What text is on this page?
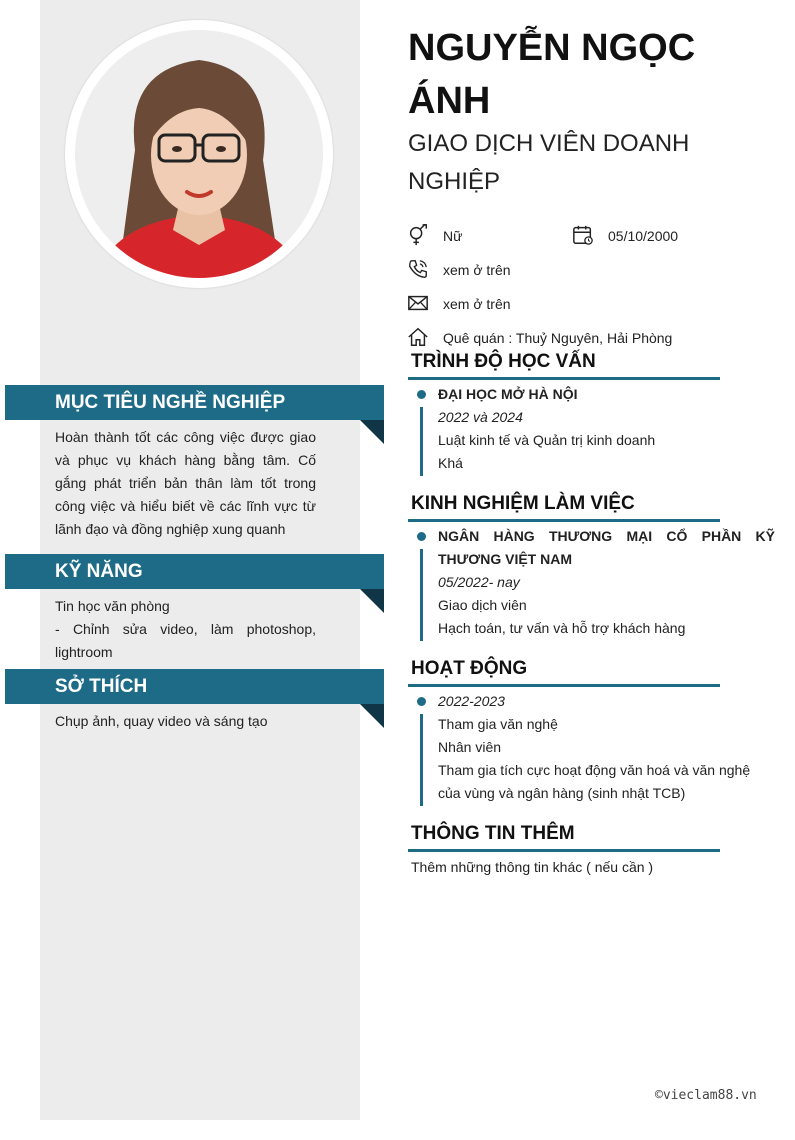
MỤC TIÊU NGHỀ NGHIỆP
Hoàn thành tốt các công việc được giao và phục vụ khách hàng bằng tâm. Cố gắng phát triển bản thân làm tốt trong công việc và hiểu biết về các lĩnh vực từ lãnh đạo và đồng nghiệp xung quanh
KỸ NĂNG
Tin học văn phòng
- Chỉnh sửa video, làm photoshop, lightroom
SỞ THÍCH
Chụp ảnh, quay video và sáng tạo
NGUYỄN NGỌC ÁNH
GIAO DỊCH VIÊN DOANH NGHIỆP
Nữ	05/10/2000
xem ở trên
xem ở trên
Quê quán : Thuỷ Nguyên, Hải Phòng
TRÌNH ĐỘ HỌC VẤN
ĐẠI HỌC MỞ HÀ NỘI
2022 và 2024
Luật kinh tế và Quản trị kinh doanh
Khá
KINH NGHIỆM LÀM VIỆC
NGÂN HÀNG THƯƠNG MẠI CỔ PHẦN KỸ THƯƠNG VIỆT NAM
05/2022- nay
Giao dịch viên
Hạch toán, tư vấn và hỗ trợ khách hàng
HOẠT ĐỘNG
2022-2023
Tham gia văn nghệ
Nhân viên
Tham gia tích cực hoạt động văn hoá và văn nghệ của vùng và ngân hàng (sinh nhật TCB)
THÔNG TIN THÊM
Thêm những thông tin khác ( nếu cần )
©vieclam88.vn
